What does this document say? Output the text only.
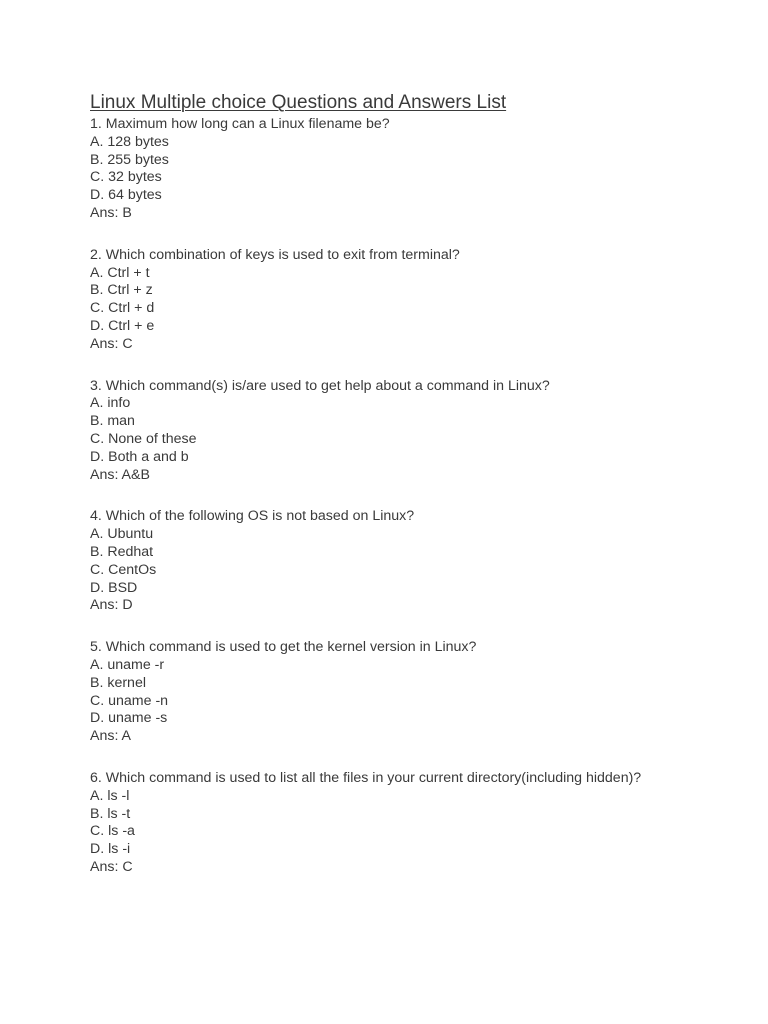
Linux Multiple choice Questions and Answers List

1. Maximum how long can a Linux filename be?

A. 128 bytes

B. 255 bytes

C. 32 bytes

D. 64 bytes

Ans: B

2. Which combination of keys is used to exit from terminal?

A. Ctrl + t

B. Ctrl + z

C. Ctrl + d

D. Ctrl + e

Ans: C

3. Which command(s) is/are used to get help about a command in Linux?

A. info

B. man

C. None of these

D. Both a and b

Ans: A&B

4. Which of the following OS is not based on Linux?

A. Ubuntu

B. Redhat

C. CentOs

D. BSD

Ans: D

5. Which command is used to get the kernel version in Linux?

A. uname -r

B. kernel

C. uname -n

D. uname -s

Ans: A

6. Which command is used to list all the files in your current directory(including hidden)?

A. ls -l

B. ls -t

C. ls -a

D. ls -i

Ans: C
